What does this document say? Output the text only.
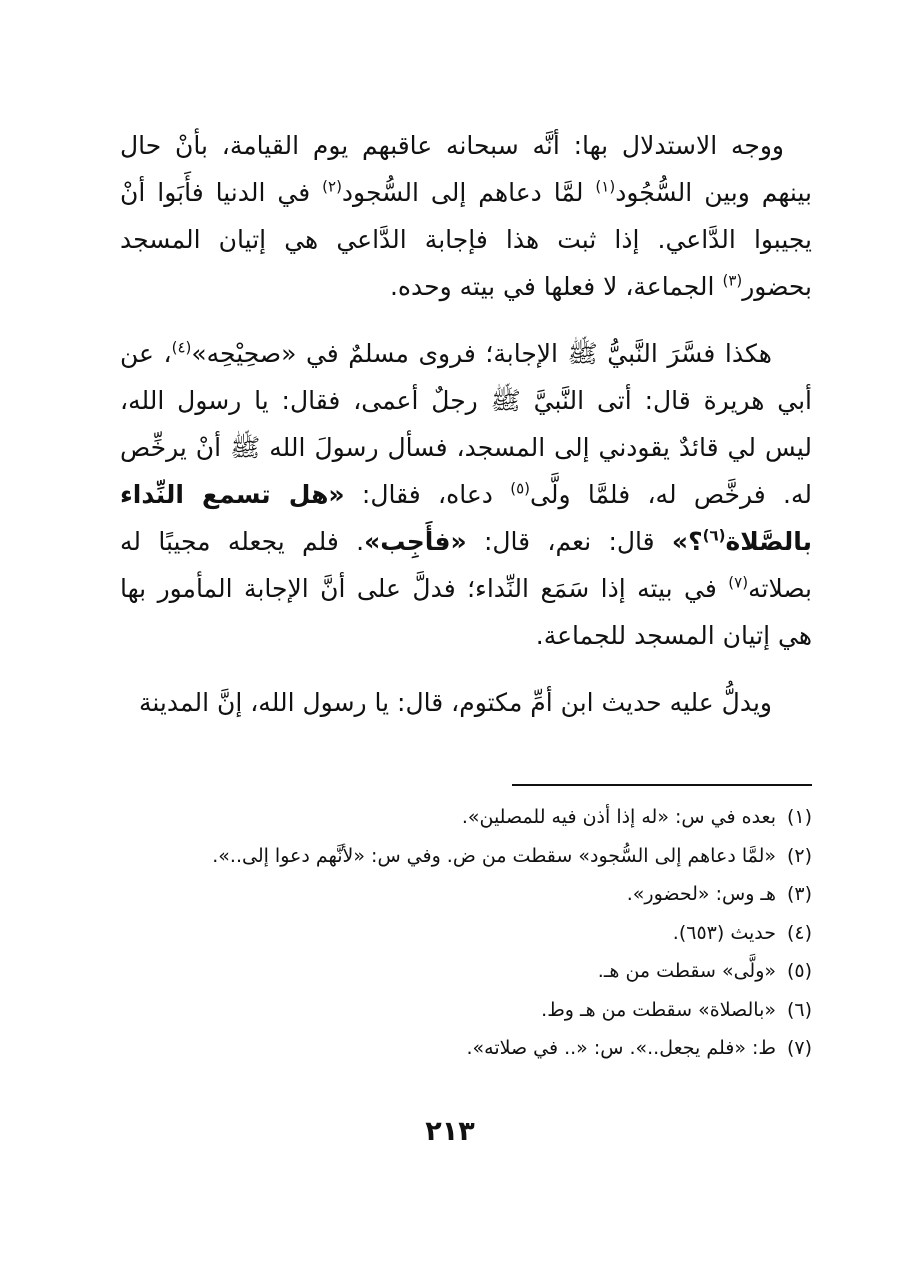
ووجه الاستدلال بها: أنَّه سبحانه عاقبهم يوم القيامة، بأنْ حال بينهم وبين السُّجُود$^{(١)}$ لمَّا دعاهم إلى السُّجود$^{(٢)}$ في الدنيا فأَبَوا أنْ يجيبوا الدَّاعي. إذا ثبت هذا فإجابة الدَّاعي هي إتيان المسجد بحضور$^{(٣)}$ الجماعة، لا فعلها في بيته وحده.

هكذا فسَّرَ النَّبيُّ ﷺ الإجابة؛ فروى مسلمٌ في «صحِيْحِه»$^{(٤)}$، عن أبي هريرة قال: أتى النَّبيَّ ﷺ رجلٌ أعمى، فقال: يا رسول الله، ليس لي قائدٌ يقودني إلى المسجد، فسأل رسولَ الله ﷺ أنْ يرخِّص له. فرخَّص له، فلمَّا ولَّى$^{(٥)}$ دعاه، فقال: «هل تسمع النِّداء بالصَّلاة$^{(٦)}$؟» قال: نعم، قال: «فأَجِب». فلم يجعله مجيبًا له بصلاته$^{(٧)}$ في بيته إذا سَمَع النِّداء؛ فدلَّ على أنَّ الإجابة المأمور بها هي إتيان المسجد للجماعة.

ويدلُّ عليه حديث ابن أمِّ مكتوم، قال: يا رسول الله، إنَّ المدينة

(١)
بعده في س: «له إذا أذن فيه للمصلين».
(٢)
«لمَّا دعاهم إلى السُّجود» سقطت من ض. وفي س: «لأنَّهم دعوا إلى..».
(٣)
هـ وس: «لحضور».
(٤)
حديث (٦٥٣).
(٥)
«ولَّى» سقطت من هـ.
(٦)
«بالصلاة» سقطت من هـ وط.
(٧)
ط: «فلم يجعل..». س: «.. في صلاته».
٢١٣
